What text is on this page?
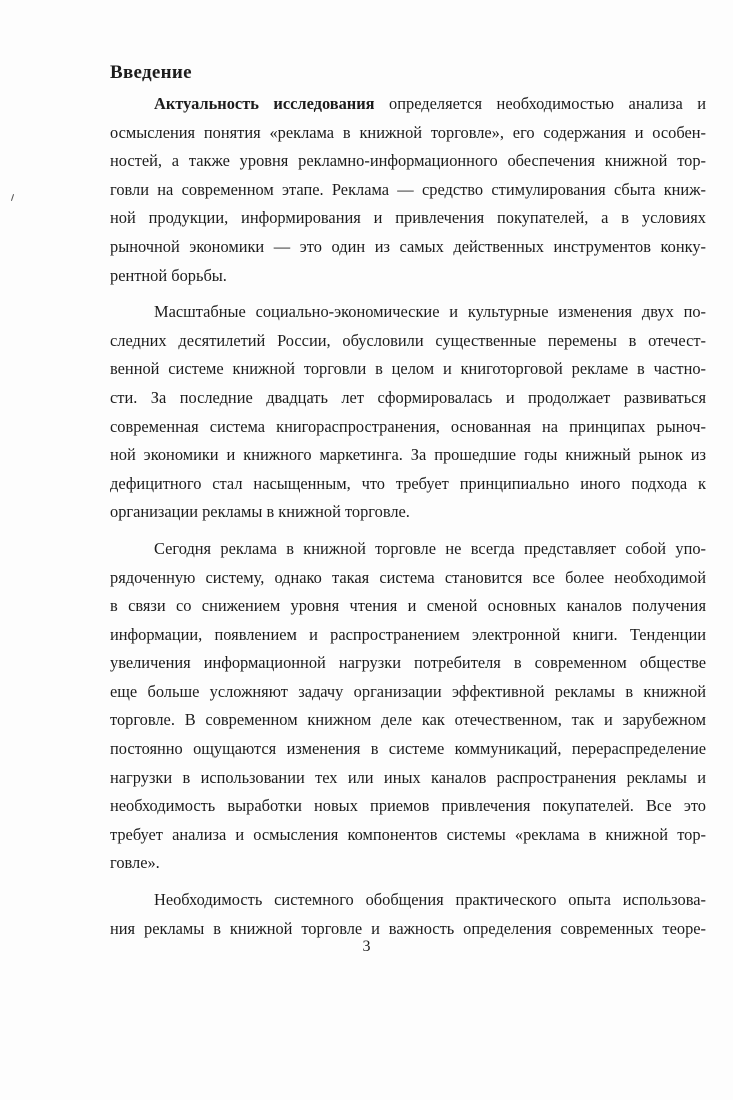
Введение
Актуальность исследования определяется необходимостью анализа и
осмысления понятия «реклама в книжной торговле», его содержания и особен-
ностей, а также уровня рекламно-информационного обеспечения книжной тор-
говли на современном этапе. Реклама — средство стимулирования сбыта книж-
ной продукции, информирования и привлечения покупателей, а в условиях
рыночной экономики — это один из самых действенных инструментов конку-
рентной борьбы.
Масштабные социально-экономические и культурные изменения двух по-
следних десятилетий России, обусловили существенные перемены в отечест-
венной системе книжной торговли в целом и книготорговой рекламе в частно-
сти. За последние двадцать лет сформировалась и продолжает развиваться
современная система книгораспространения, основанная на принципах рыноч-
ной экономики и книжного маркетинга. За прошедшие годы книжный рынок из
дефицитного стал насыщенным, что требует принципиально иного подхода к
организации рекламы в книжной торговле.
Сегодня реклама в книжной торговле не всегда представляет собой упо-
рядоченную систему, однако такая система становится все более необходимой
в связи со снижением уровня чтения и сменой основных каналов получения
информации, появлением и распространением электронной книги. Тенденции
увеличения информационной нагрузки потребителя в современном обществе
еще больше усложняют задачу организации эффективной рекламы в книжной
торговле. В современном книжном деле как отечественном, так и зарубежном
постоянно ощущаются изменения в системе коммуникаций, перераспределение
нагрузки в использовании тех или иных каналов распространения рекламы и
необходимость выработки новых приемов привлечения покупателей. Все это
требует анализа и осмысления компонентов системы «реклама в книжной тор-
говле».
Необходимость системного обобщения практического опыта использова-
ния рекламы в книжной торговле и важность определения современных теоре-
3
